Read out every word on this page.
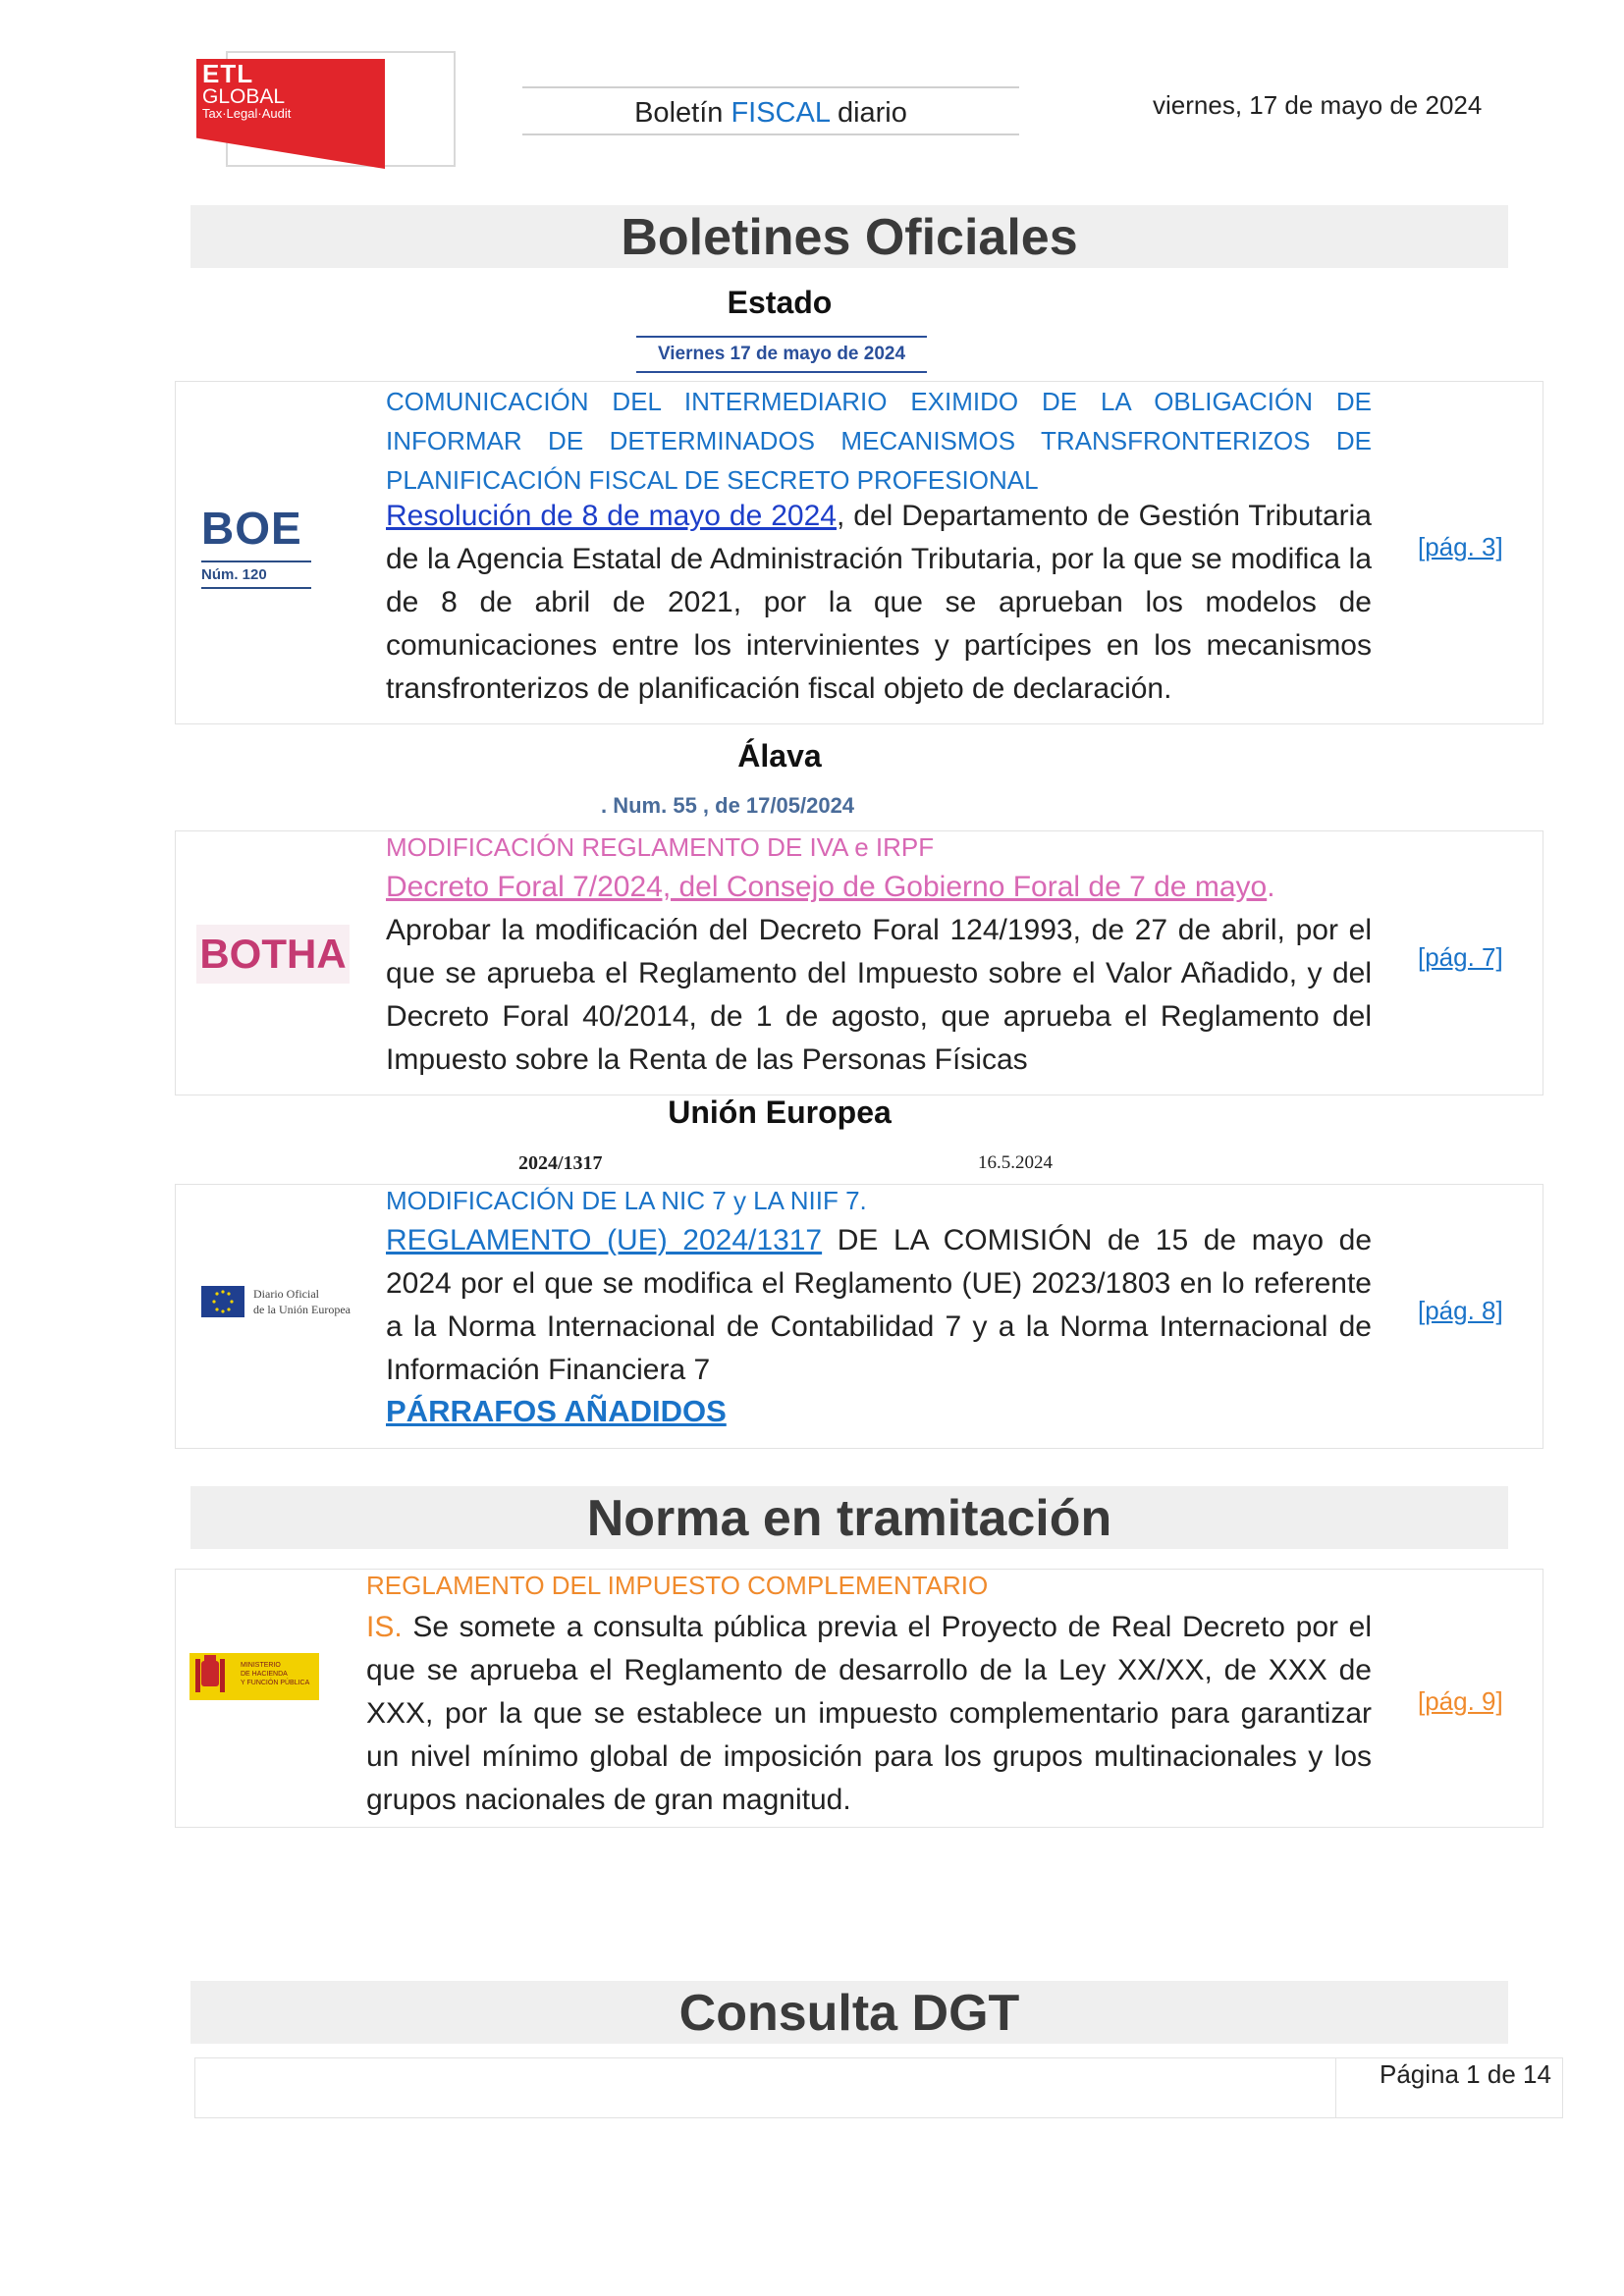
ETL
GLOBAL
Tax·Legal·Audit	Boletín FISCAL diario	viernes, 17 de mayo de 2024
Boletines Oficiales
Estado
Viernes 17 de mayo de 2024
BOE
Núm. 120
COMUNICACIÓN DEL INTERMEDIARIO EXIMIDO DE LA OBLIGACIÓN DE INFORMAR DE DETERMINADOS MECANISMOS TRANSFRONTERIZOS DE PLANIFICACIÓN FISCAL DE SECRETO PROFESIONAL
Resolución de 8 de mayo de 2024, del Departamento de Gestión Tributaria de la Agencia Estatal de Administración Tributaria, por la que se modifica la de 8 de abril de 2021, por la que se aprueban los modelos de comunicaciones entre los intervinientes y partícipes en los mecanismos transfronterizos de planificación fiscal objeto de declaración.
[pág. 3]
Álava
. Num. 55 , de 17/05/2024
BOTHA
MODIFICACIÓN REGLAMENTO DE IVA e IRPF
Decreto Foral 7/2024, del Consejo de Gobierno Foral de 7 de mayo.
Aprobar la modificación del Decreto Foral 124/1993, de 27 de abril, por el que se aprueba el Reglamento del Impuesto sobre el Valor Añadido, y del Decreto Foral 40/2014, de 1 de agosto, que aprueba el Reglamento del Impuesto sobre la Renta de las Personas Físicas
[pág. 7]
Unión Europea
2024/1317	16.5.2024
Diario Oficial
de la Unión Europea
MODIFICACIÓN DE LA NIC 7 y LA NIIF 7.
REGLAMENTO (UE) 2024/1317 DE LA COMISIÓN de 15 de mayo de 2024 por el que se modifica el Reglamento (UE) 2023/1803 en lo referente a la Norma Internacional de Contabilidad 7 y a la Norma Internacional de Información Financiera 7
PÁRRAFOS AÑADIDOS
[pág. 8]
Norma en tramitación
MINISTERIO
DE HACIENDA
Y FUNCIÓN PÚBLICA
REGLAMENTO DEL IMPUESTO COMPLEMENTARIO
IS. Se somete a consulta pública previa el Proyecto de Real Decreto por el que se aprueba el Reglamento de desarrollo de la Ley XX/XX, de XXX de XXX, por la que se establece un impuesto complementario para garantizar un nivel mínimo global de imposición para los grupos multinacionales y los grupos nacionales de gran magnitud.
[pág. 9]
Consulta DGT
Página 1 de 14
